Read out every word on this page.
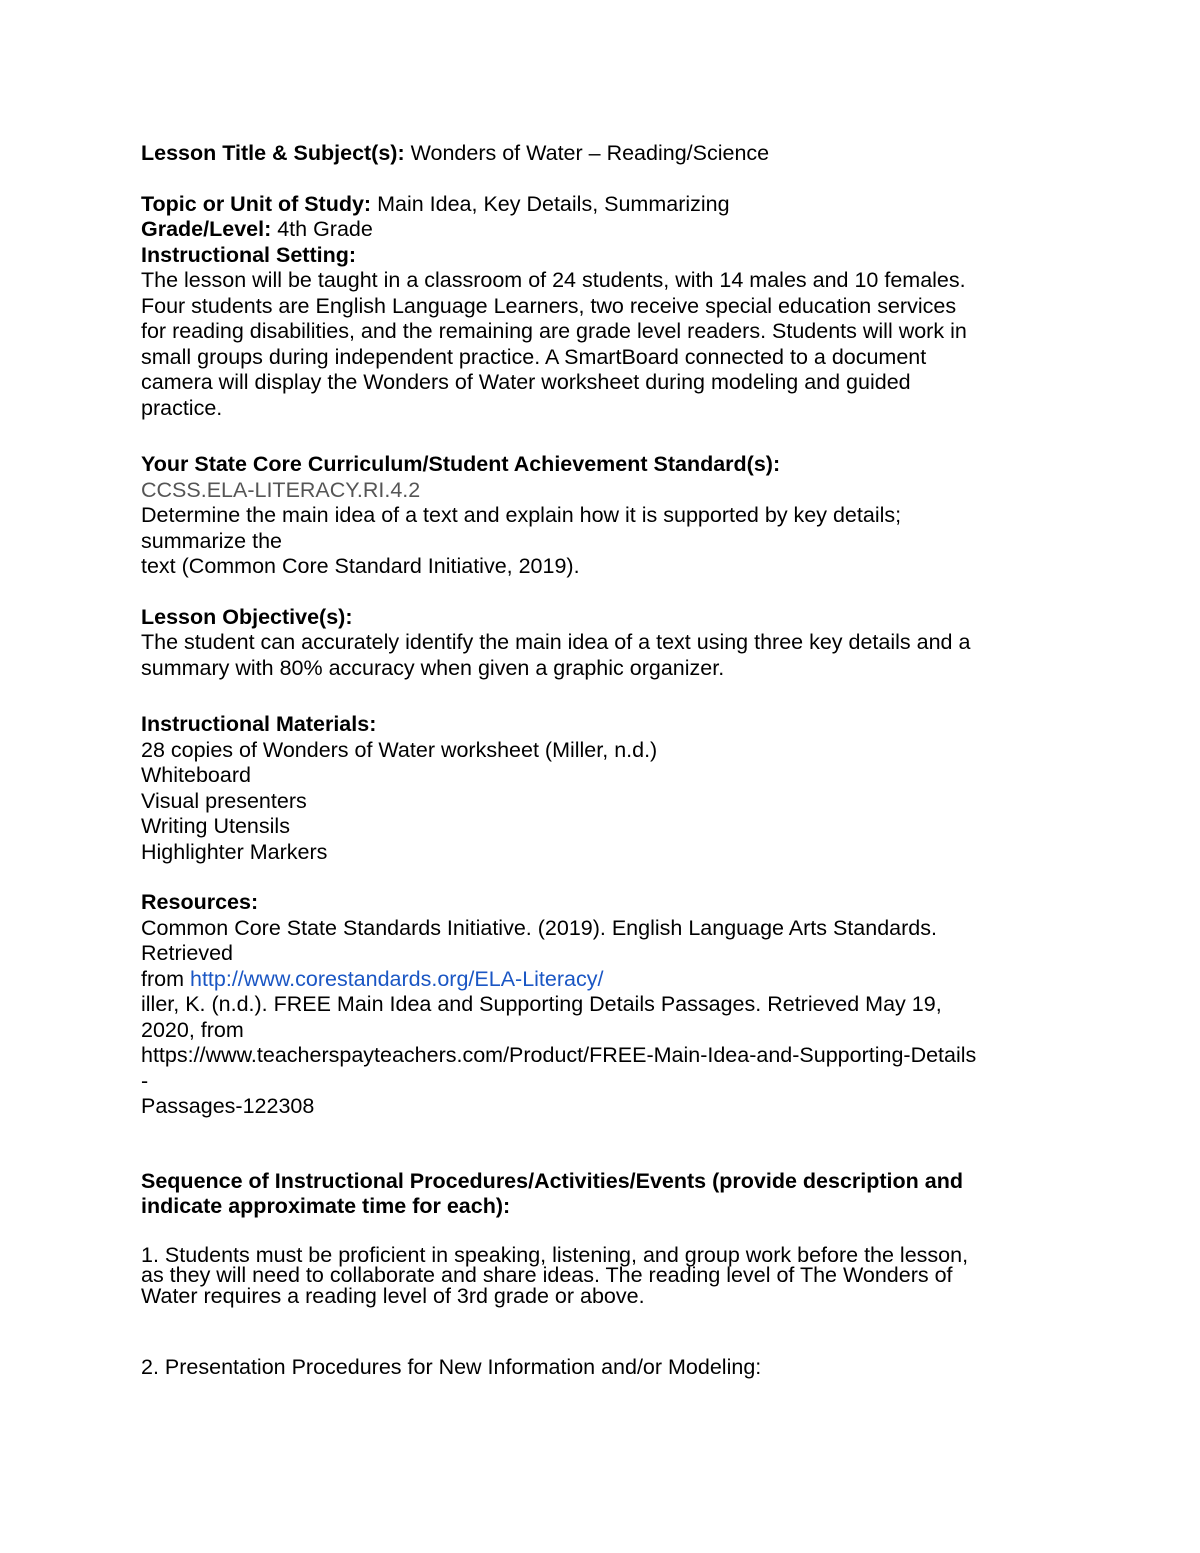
Lesson Title & Subject(s): Wonders of Water – Reading/Science
Topic or Unit of Study: Main Idea, Key Details, Summarizing
Grade/Level: 4th Grade
Instructional Setting:
The lesson will be taught in a classroom of 24 students, with 14 males and 10 females.
Four students are English Language Learners, two receive special education services
for reading disabilities, and the remaining are grade level readers. Students will work in
small groups during independent practice. A SmartBoard connected to a document
camera will display the Wonders of Water worksheet during modeling and guided
practice.
Your State Core Curriculum/Student Achievement Standard(s):
CCSS.ELA-LITERACY.RI.4.2
Determine the main idea of a text and explain how it is supported by key details;
summarize the
text (Common Core Standard Initiative, 2019).
Lesson Objective(s):
The student can accurately identify the main idea of a text using three key details and a
summary with 80% accuracy when given a graphic organizer.
Instructional Materials:
28 copies of Wonders of Water worksheet (Miller, n.d.)
Whiteboard
Visual presenters
Writing Utensils
Highlighter Markers
Resources:
Common Core State Standards Initiative. (2019). English Language Arts Standards.
Retrieved
from http://www.corestandards.org/ELA-Literacy/
iller, K. (n.d.). FREE Main Idea and Supporting Details Passages. Retrieved May 19,
2020, from
https://www.teacherspayteachers.com/Product/FREE-Main-Idea-and-Supporting-Details
-
Passages-122308
Sequence of Instructional Procedures/Activities/Events (provide description and
indicate approximate time for each):
1. Students must be proficient in speaking, listening, and group work before the lesson,
as they will need to collaborate and share ideas. The reading level of The Wonders of
Water requires a reading level of 3rd grade or above.
2. Presentation Procedures for New Information and/or Modeling:
